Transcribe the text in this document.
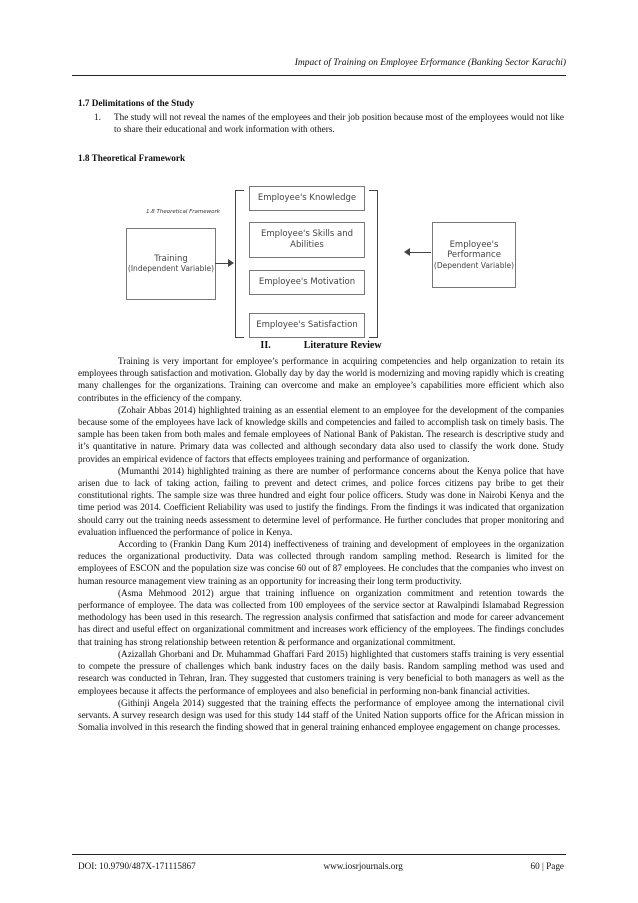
Impact of Training on Employee Erformance (Banking Sector Karachi)
1.7 Delimitations of the Study
1.	The study will not reveal the names of the employees and their job position because most of the employees would not like to share their educational and work information with others.
1.8 Theoretical Framework
1.8 Theoretical Framework
Training
(Independent Variable)
Employee's Knowledge
Employee's Skills and Abilities
Employee's Motivation
Employee's Satisfaction
Employee's Performance
(Dependent Variable)
II.	Literature Review

Training is very important for employee’s performance in acquiring competencies and help organization to retain its employees through satisfaction and motivation. Globally day by day the world is modernizing and moving rapidly which is creating many challenges for the organizations. Training can overcome and make an employee’s capabilities more efficient which also contributes in the efficiency of the company.

(Zohair Abbas 2014) highlighted training as an essential element to an employee for the development of the companies because some of the employees have lack of knowledge skills and competencies and failed to accomplish task on timely basis. The sample has been taken from both males and female employees of National Bank of Pakistan. The research is descriptive study and it’s quantitative in nature. Primary data was collected and although secondary data also used to classify the work done. Study provides an empirical evidence of factors that effects employees training and performance of organization.

(Mumanthi 2014) highlighted training as there are number of performance concerns about the Kenya police that have arisen due to lack of taking action, failing to prevent and detect crimes, and police forces citizens pay bribe to get their constitutional rights. The sample size was three hundred and eight four police officers. Study was done in Nairobi Kenya and the time period was 2014. Coefficient Reliability was used to justify the findings. From the findings it was indicated that organization should carry out the training needs assessment to determine level of performance. He further concludes that proper monitoring and evaluation influenced the performance of police in Kenya.

According to (Frankin Dang Kum 2014) ineffectiveness of training and development of employees in the organization reduces the organizational productivity. Data was collected through random sampling method. Research is limited for the employees of ESCON and the population size was concise 60 out of 87 employees. He concludes that the companies who invest on human resource management view training as an opportunity for increasing their long term productivity.

(Asma Mehmood 2012) argue that training influence on organization commitment and retention towards the performance of employee. The data was collected from 100 employees of the service sector at Rawalpindi Islamabad Regression methodology has been used in this research. The regression analysis confirmed that satisfaction and mode for career advancement has direct and useful effect on organizational commitment and increases work efficiency of the employees. The findings concludes that training has strong relationship between retention & performance and organizational commitment.

(Azizallah Ghorbani and Dr. Muhammad Ghaffari Fard 2015) highlighted that customers staffs training is very essential to compete the pressure of challenges which bank industry faces on the daily basis. Random sampling method was used and research was conducted in Tehran, Iran. They suggested that customers training is very beneficial to both managers as well as the employees because it affects the performance of employees and also beneficial in performing non-bank financial activities.

(Githinji Angela 2014) suggested that the training effects the performance of employee among the international civil servants. A survey research design was used for this study 144 staff of the United Nation supports office for the African mission in Somalia involved in this research the finding showed that in general training enhanced employee engagement on change processes.

DOI: 10.9790/487X-171115867	www.iosrjournals.org	60 | Page
